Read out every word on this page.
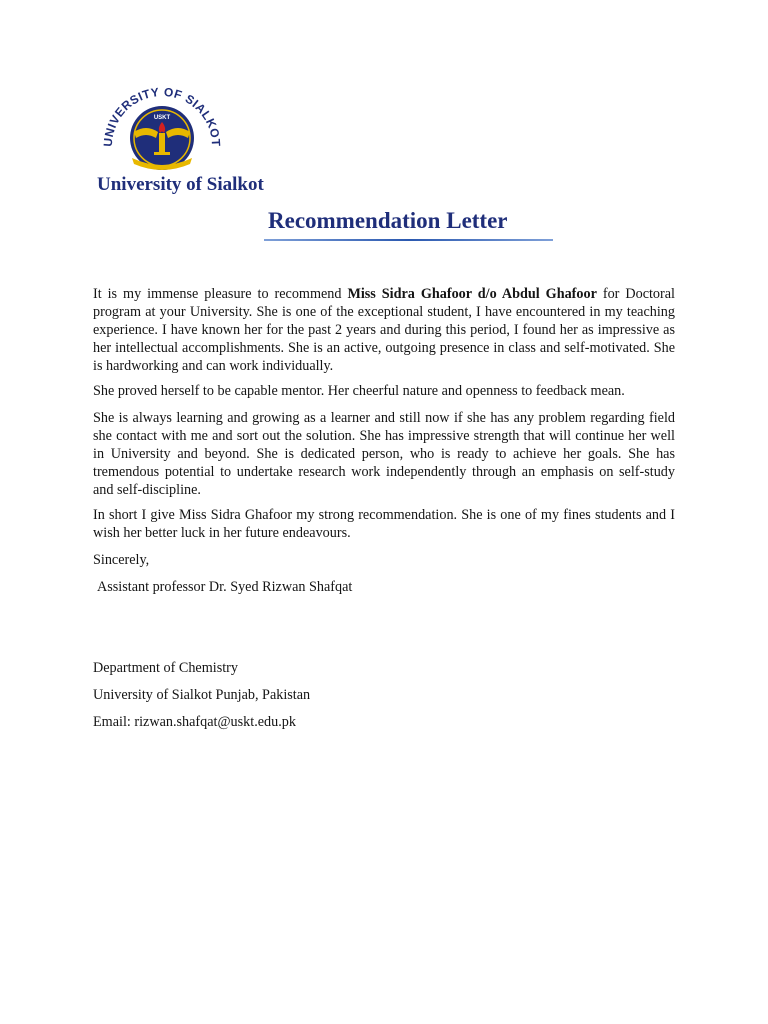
UNIVERSITY OF SIALKOT
USKT
University of Sialkot
Recommendation Letter
It is my immense pleasure to recommend Miss Sidra Ghafoor d/o Abdul Ghafoor for Doctoral program at your University. She is one of the exceptional student, I have encountered in my teaching experience. I have known her for the past 2 years and during this period, I found her as impressive as her intellectual accomplishments. She is an active, outgoing presence in class and self-motivated. She is hardworking and can work individually.
She proved herself to be capable mentor. Her cheerful nature and openness to feedback mean.
She is always learning and growing as a learner and still now if she has any problem regarding field she contact with me and sort out the solution. She has impressive strength that will continue her well in University and beyond. She is dedicated person, who is ready to achieve her goals. She has tremendous potential to undertake research work independently through an emphasis on self-study and self-discipline.
In short I give Miss Sidra Ghafoor my strong recommendation. She is one of my fines students and I wish her better luck in her future endeavours.
Sincerely,
Assistant professor Dr. Syed Rizwan Shafqat
Department of Chemistry
University of Sialkot Punjab, Pakistan
Email: rizwan.shafqat@uskt.edu.pk
